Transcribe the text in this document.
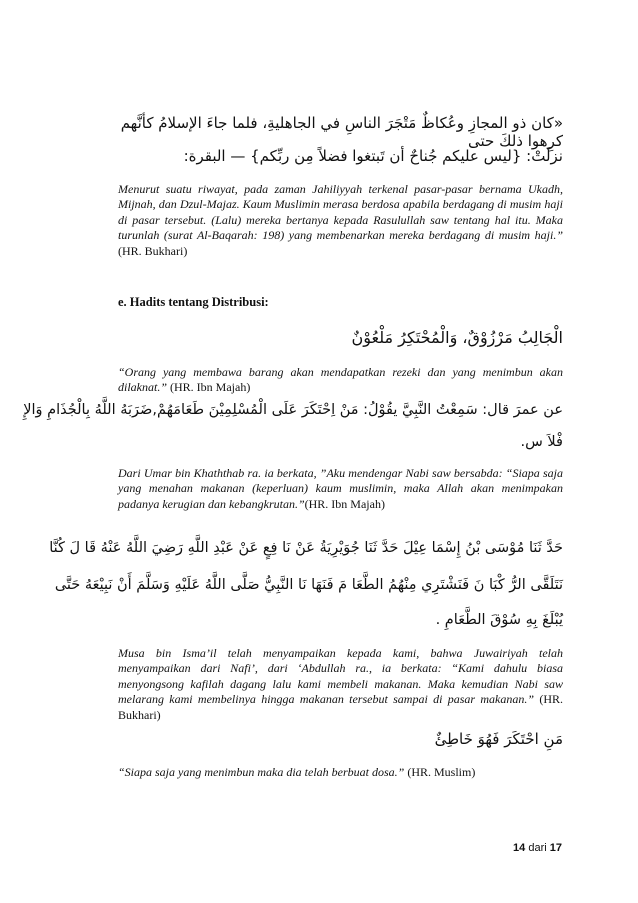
«كان ذو المجازِ وعُكاظٌ مَتْجَرَ الناسِ في الجاهليةِ، فلما جاءَ الإسلامُ كأنَّهم كرِهوا ذلكَ حتى
نزلَتْ: {ليس عليكم جُناحٌ أن تَبتغوا فضلاً مِن ربِّكم} — البقرة:
Menurut suatu riwayat, pada zaman Jahiliyyah terkenal pasar-pasar bernama Ukadh, Mijnah, dan Dzul-Majaz. Kaum Muslimin merasa berdosa apabila berdagang di musim haji di pasar tersebut. (Lalu) mereka bertanya kepada Rasulullah saw tentang hal itu. Maka turunlah (surat Al-Baqarah: 198) yang membenarkan mereka berdagang di musim haji.” (HR. Bukhari)
e. Hadits tentang Distribusi:
الْجَالِبُ مَرْزُوْقٌ، وَالْمُحْتَكِرُ مَلْعُوْنٌ
“Orang yang membawa barang akan mendapatkan rezeki dan yang menimbun akan dilaknat.” (HR. Ibn Majah)
عن عمرَ قال: سَمِعْتُ النَّبِيَّ يقُوْلُ: مَنْ اِحْتَكَرَ عَلَى الْمُسْلِمِيْنَ طَعَامَهُمْ,ضَرَبَهُ اللَّهُ بِالْجُذَامِ وَالإِ
فْلاَ س.
Dari Umar bin Khaththab ra. ia berkata, ”Aku mendengar Nabi saw bersabda: “Siapa saja yang menahan makanan (keperluan) kaum muslimin, maka Allah akan menimpakan padanya kerugian dan kebangkrutan.”(HR. Ibn Majah)
حَدَّ ثَنَا مُوْسَى بْنُ إِسْمَا عِيْلَ حَدَّ ثَنَا جُوَيْرِيَةُ عَنْ نَا فِعٍ عَنْ عَبْدِ اللَّهِ رَضِيَ اللَّهُ عَنْهُ قَا لَ كُنَّا
نَتَلَقَّى الرُّ كْبَا نَ فَنَشْتَرِي مِنْهُمُ الطَّعَا مَ فَنَهَا نَا النَّبِيُّ صَلَّى اللَّهُ عَلَيْهِ وَسَلَّمَ أَنْ نَبِيْعَهُ حَتَّى
يُبْلَغَ بِهِ سُوْقَ الطَّعَامِ .
Musa bin Isma’il telah menyampaikan kepada kami, bahwa Juwairiyah telah menyampaikan dari Nafi’, dari ‘Abdullah ra., ia berkata: “Kami dahulu biasa menyongsong kafilah dagang lalu kami membeli makanan. Maka kemudian Nabi saw melarang kami membelinya hingga makanan tersebut sampai di pasar makanan.” (HR. Bukhari)
مَنِ احْتَكَرَ فَهُوَ خَاطِئٌ
“Siapa saja yang menimbun maka dia telah berbuat dosa.” (HR. Muslim)
14 dari 17
